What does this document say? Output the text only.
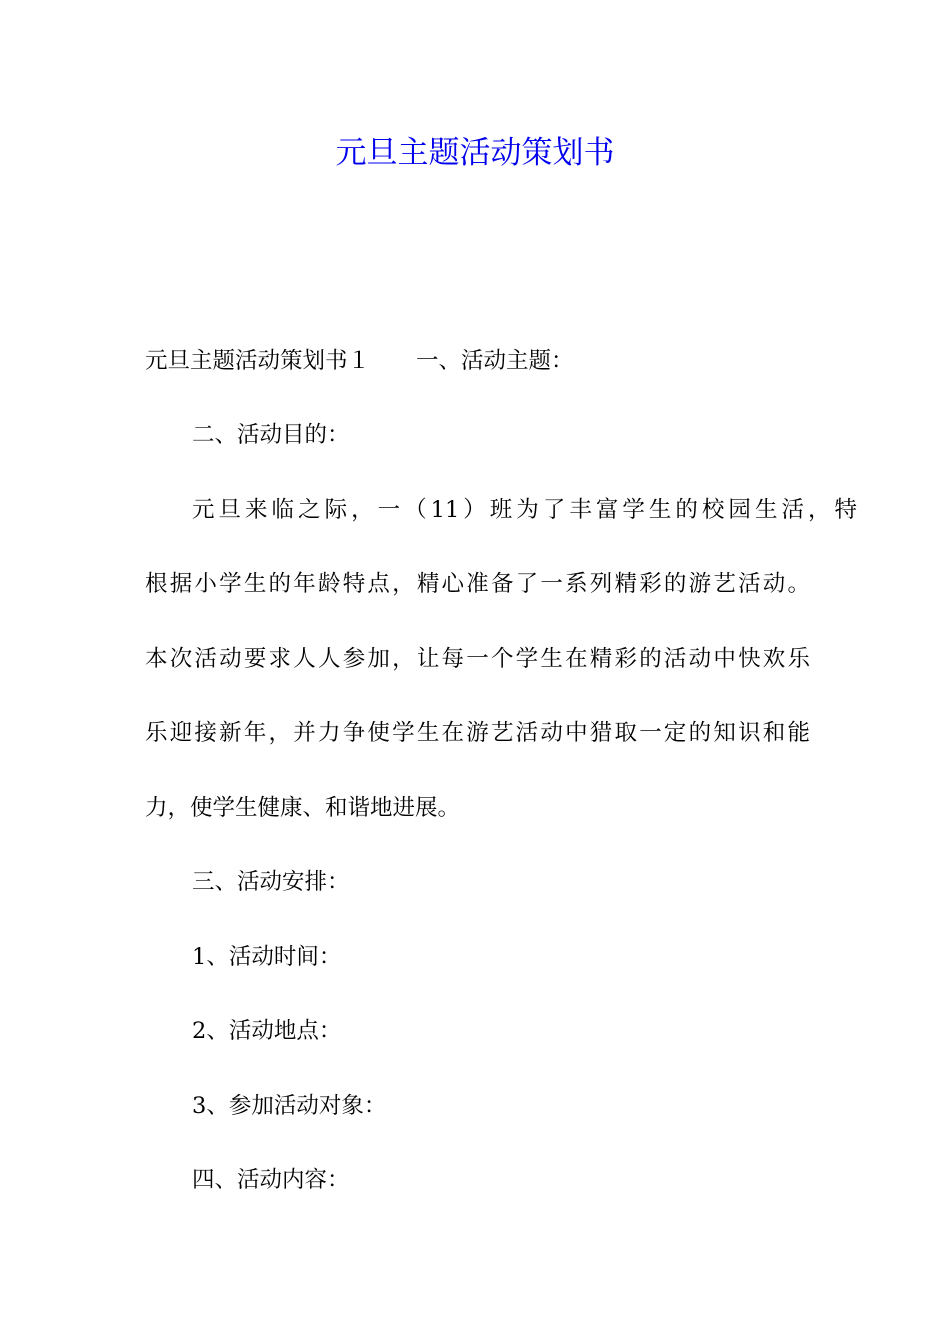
元旦主题活动策划书

元旦主题活动策划书１ 一、活动主题：

二、活动目的：

元旦来临之际，一（11）班为了丰富学生的校园生活，特

根据小学生的年龄特点，精心准备了一系列精彩的游艺活动。

本次活动要求人人参加，让每一个学生在精彩的活动中快欢乐

乐迎接新年，并力争使学生在游艺活动中猎取一定的知识和能

力，使学生健康、和谐地进展。

三、活动安排：

1、活动时间：

2、活动地点：

3、参加活动对象：

四、活动内容：
